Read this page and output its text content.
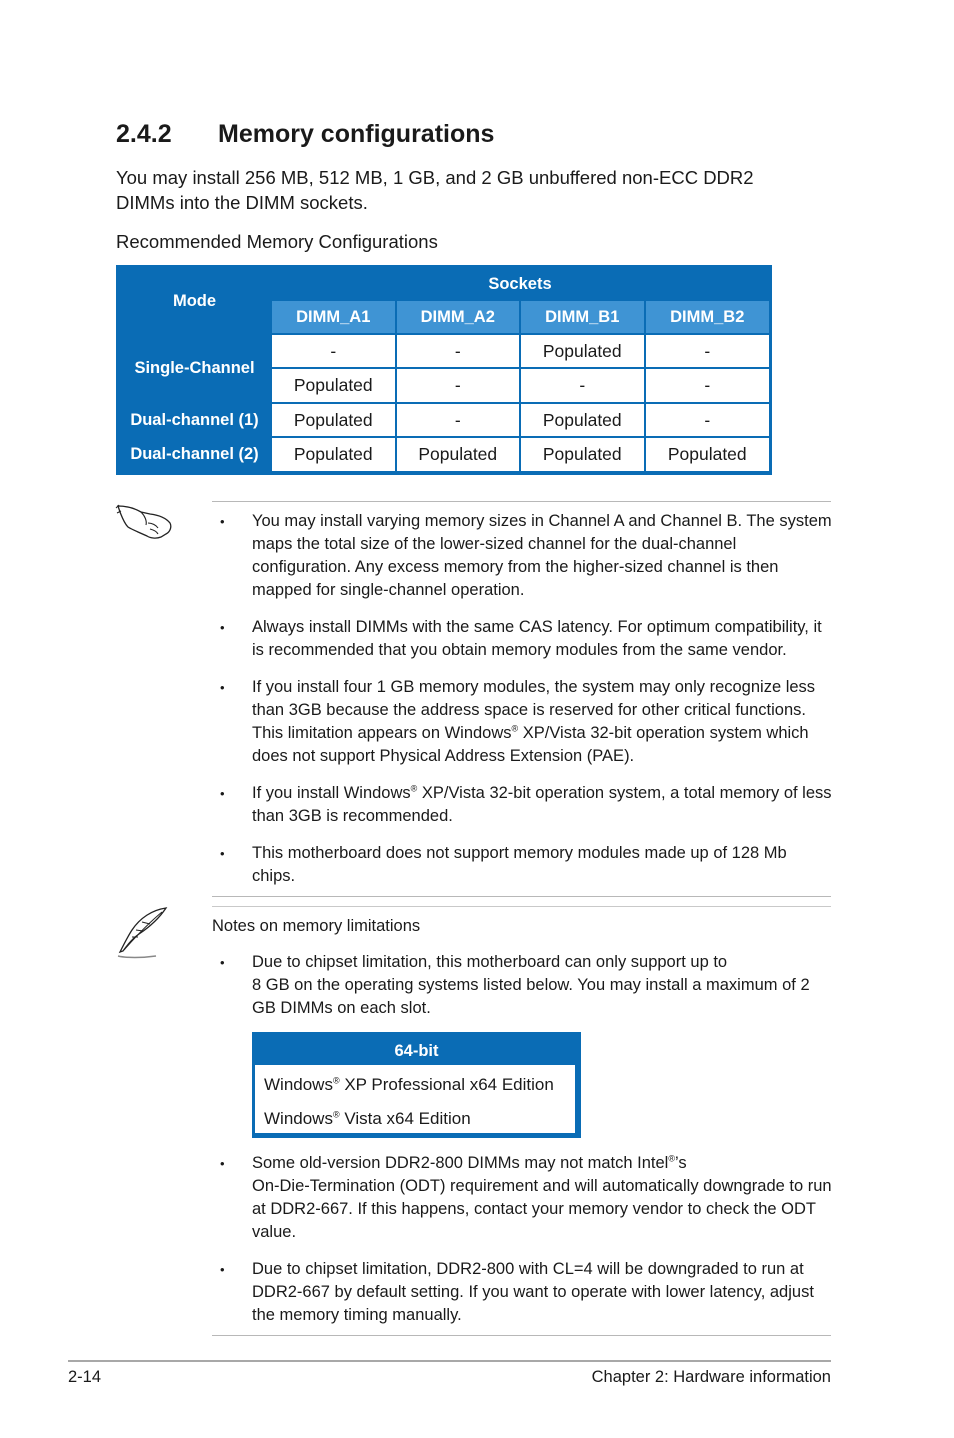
2.4.2 Memory configurations
You may install 256 MB, 512 MB, 1 GB, and 2 GB unbuffered non-ECC DDR2 DIMMs into the DIMM sockets.
Recommended Memory Configurations
Mode	Sockets			
	DIMM_A1	DIMM_A2	DIMM_B1	DIMM_B2
Single-Channel	-	-	Populated	-
	Populated	-	-	-
Dual-channel (1)	Populated	-	Populated	-
Dual-channel (2)	Populated	Populated	Populated	Populated
• You may install varying memory sizes in Channel A and Channel B. The system maps the total size of the lower-sized channel for the dual-channel configuration. Any excess memory from the higher-sized channel is then mapped for single-channel operation.
• Always install DIMMs with the same CAS latency. For optimum compatibility, it is recommended that you obtain memory modules from the same vendor.
• If you install four 1 GB memory modules, the system may only recognize less than 3GB because the address space is reserved for other critical functions. This limitation appears on Windows® XP/Vista 32-bit operation system which does not support Physical Address Extension (PAE).
• If you install Windows® XP/Vista 32-bit operation system, a total memory of less than 3GB is recommended.
• This motherboard does not support memory modules made up of 128 Mb chips.
Notes on memory limitations
• Due to chipset limitation, this motherboard can only support up to
8 GB on the operating systems listed below. You may install a maximum of 2 GB DIMMs on each slot.
64-bit
Windows® XP Professional x64 Edition
Windows® Vista x64 Edition
• Some old-version DDR2-800 DIMMs may not match Intel®’s
On-Die-Termination (ODT) requirement and will automatically downgrade to run at DDR2-667. If this happens, contact your memory vendor to check the ODT value.
• Due to chipset limitation, DDR2-800 with CL=4 will be downgraded to run at DDR2-667 by default setting. If you want to operate with lower latency, adjust the memory timing manually.
2-14	Chapter 2: Hardware information
